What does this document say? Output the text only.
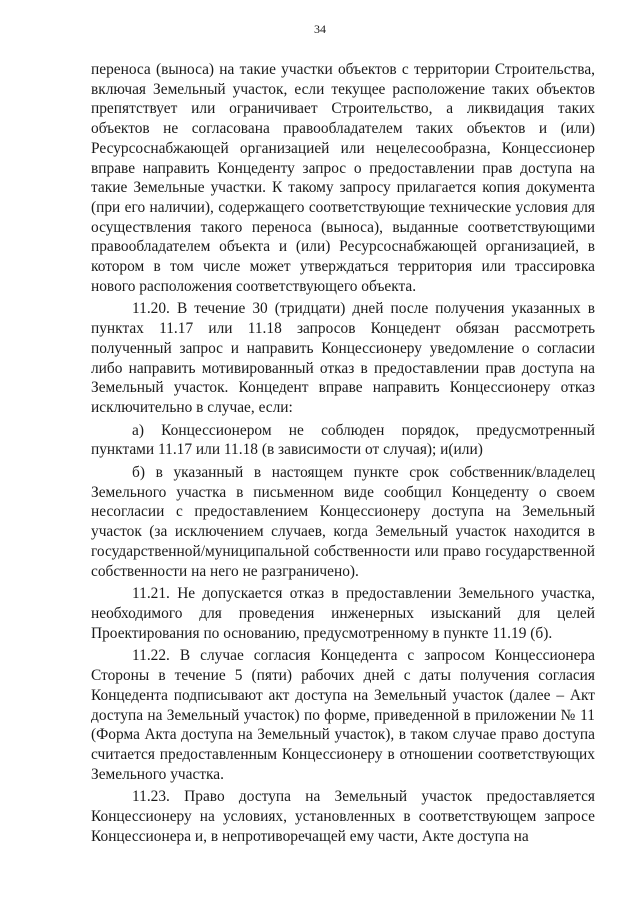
34

переноса (выноса) на такие участки объектов с территории Строительства, включая Земельный участок, если текущее расположение таких объектов препятствует или ограничивает Строительство, а ликвидация таких объектов не согласована правообладателем таких объектов и (или) Ресурсоснабжающей организацией или нецелесообразна, Концессионер вправе направить Концеденту запрос о предоставлении прав доступа на такие Земельные участки. К такому запросу прилагается копия документа (при его наличии), содержащего соответствующие технические условия для осуществления такого переноса (выноса), выданные соответствующими правообладателем объекта и (или) Ресурсоснабжающей организацией, в котором в том числе может утверждаться территория или трассировка нового расположения соответствующего объекта.

11.20. В течение 30 (тридцати) дней после получения указанных в пунктах 11.17 или 11.18 запросов Концедент обязан рассмотреть полученный запрос и направить Концессионеру уведомление о согласии либо направить мотивированный отказ в предоставлении прав доступа на Земельный участок. Концедент вправе направить Концессионеру отказ исключительно в случае, если:

а) Концессионером не соблюден порядок, предусмотренный пунктами 11.17 или 11.18 (в зависимости от случая); и(или)

б) в указанный в настоящем пункте срок собственник/владелец Земельного участка в письменном виде сообщил Концеденту о своем несогласии с предоставлением Концессионеру доступа на Земельный участок (за исключением случаев, когда Земельный участок находится в государственной/муниципальной собственности или право государственной собственности на него не разграничено).

11.21. Не допускается отказ в предоставлении Земельного участка, необходимого для проведения инженерных изысканий для целей Проектирования по основанию, предусмотренному в пункте 11.19 (б).

11.22. В случае согласия Концедента с запросом Концессионера Стороны в течение 5 (пяти) рабочих дней с даты получения согласия Концедента подписывают акт доступа на Земельный участок (далее – Акт доступа на Земельный участок) по форме, приведенной в приложении № 11 (Форма Акта доступа на Земельный участок), в таком случае право доступа считается предоставленным Концессионеру в отношении соответствующих Земельного участка.

11.23. Право доступа на Земельный участок предоставляется Концессионеру на условиях, установленных в соответствующем запросе Концессионера и, в непротиворечащей ему части, Акте доступа на
